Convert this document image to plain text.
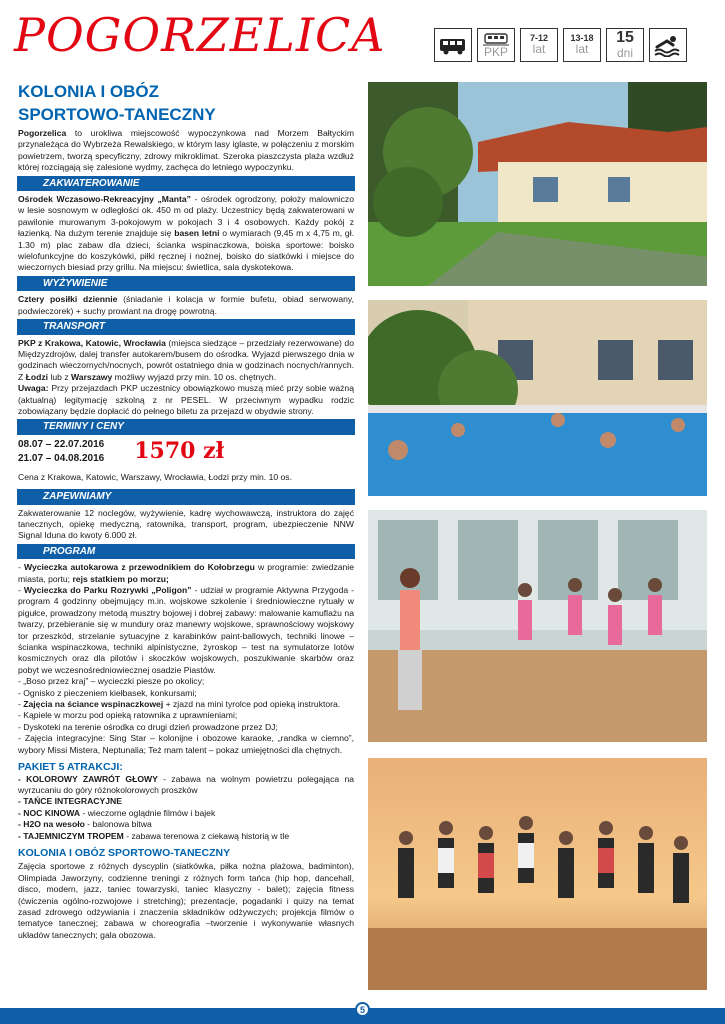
POGORZELICA	PKP
7-12
lat
13-18
lat
15
dni
KOLONIA I OBÓZ
SPORTOWO-TANECZNY

Pogorzelica to urokliwa miejscowość wypoczynkowa nad Morzem Bałtyckim przynależąca do Wybrzeża Rewalskiego, w którym lasy iglaste, w połączeniu z morskim powietrzem, tworzą specyficzny, zdrowy mikroklimat. Szeroka piaszczysta plaża wzdłuż której rozciągają się zalesione wydmy, zachęca do letniego wypoczynku.

ZAKWATEROWANIE

Ośrodek Wczasowo-Rekreacyjny „Manta” - ośrodek ogrodzony, położy malowniczo w lesie sosnowym w odległości ok. 450 m od plaży. Uczestnicy będą zakwaterowani w pawilonie murowanym 3-pokojowym w pokojach 3 i 4 osobowych. Każdy pokój z łazienką. Na dużym terenie znajduje się basen letni o wymiarach (9,45 m x 4,75 m, gł. 1.30 m) plac zabaw dla dzieci, ścianka wspinaczkowa, boiska sportowe: boisko wielofunkcyjne do koszykówki, piłki ręcznej i nożnej, boisko do siatkówki i miejsce do wieczornych biesiad przy grillu. Na miejscu: świetlica, sala dyskotekowa.

WYŻYWIENIE

Cztery posiłki dziennie (śniadanie i kolacja w formie bufetu, obiad serwowany, podwieczorek) + suchy prowiant na drogę powrotną.

TRANSPORT

PKP z Krakowa, Katowic, Wrocławia (miejsca siedzące – przedziały rezerwowane) do Międzyzdrojów, dalej transfer autokarem/busem do ośrodka. Wyjazd pierwszego dnia w godzinach wieczornych/nocnych, powrót ostatniego dnia w godzinach nocnych/rannych. Z Łodzi lub z Warszawy możliwy wyjazd przy min. 10 os. chętnych.
Uwaga: Przy przejazdach PKP uczestnicy obowiązkowo muszą mieć przy sobie ważną (aktualną) legitymację szkolną z nr PESEL. W przeciwnym wypadku rodzic zobowiązany będzie dopłacić do pełnego biletu za przejazd w obydwie strony.

TERMINY I CENY
08.07 – 22.07.2016
21.07 – 04.08.2016 1570 zł

Cena z Krakowa, Katowic, Warszawy, Wrocławia, Łodzi przy min. 10 os.

ZAPEWNIAMY

Zakwaterowanie 12 noclegów, wyżywienie, kadrę wychowawczą, instruktora do zajęć tanecznych, opiekę medyczną, ratownika, transport, program, ubezpieczenie NNW Signal Iduna do kwoty 6.000 zł.

PROGRAM

- Wycieczka autokarowa z przewodnikiem do Kołobrzegu w programie: zwiedzanie miasta, portu; rejs statkiem po morzu;

- Wycieczka do Parku Rozrywki „Poligon” - udział w programie Aktywna Przygoda - program 4 godzinny obejmujący m.in. wojskowe szkolenie i średniowieczne rytuały w pigułce, prowadzony metodą musztry bojowej i dobrej zabawy: malowanie kamuflażu na twarzy, przebieranie się w mundury oraz manewry wojskowe, sprawnościowy wojskowy tor przeszkód, strzelanie sytuacyjne z karabinków paint-ballowych, techniki linowe – ścianka wspinaczkowa, techniki alpinistyczne, żyroskop – test na symulatorze lotów kosmicznych oraz dla pilotów i skoczków wojskowych, poszukiwanie skarbów oraz pobyt we wczesnośredniowiecznej osadzie Piastów.

- „Boso przez kraj” – wycieczki piesze po okolicy;

- Ognisko z pieczeniem kiełbasek, konkursami;

- Zajęcia na ściance wspinaczkowej + zjazd na mini tyrolce pod opieką instruktora.

- Kąpiele w morzu pod opieką ratownika z uprawnieniami;

- Dyskoteki na terenie ośrodka co drugi dzień prowadzone przez DJ;

- Zajęcia integracyjne: Sing Star – kolonijne i obozowe karaoke, „randka w ciemno”, wybory Missi Mistera, Neptunalia; Też mam talent – pokaz umiejętności dla chętnych.

PAKIET 5 ATRAKCJI:

- KOLOROWY ZAWRÓT GŁOWY - zabawa na wolnym powietrzu polegająca na wyrzucaniu do góry różnokolorowych proszków

- TAŃCE INTEGRACYJNE

- NOC KINOWA - wieczorne oglądnie filmów i bajek

- H2O na wesoło - balonowa bitwa

- TAJEMNICZYM TROPEM - zabawa terenowa z ciekawą historią w tle

KOLONIA I OBÓZ SPORTOWO-TANECZNY

Zajęcia sportowe z różnych dyscyplin (siatkówka, piłka nożna plażowa, badminton), Olimpiada Jaworzyny, codzienne treningi z różnych form tańca (hip hop, dancehall, disco, modern, jazz, taniec towarzyski, taniec klasyczny - balet); zajęcia fitness (ćwiczenia ogólno-rozwojowe i stretching); prezentacje, pogadanki i quizy na temat zasad zdrowego odżywiania i znaczenia składników odżywczych; projekcja filmów o tematyce tanecznej; zabawa w choreografia –tworzenie i wykonywanie własnych układów tanecznych; gala obozowa.

5
